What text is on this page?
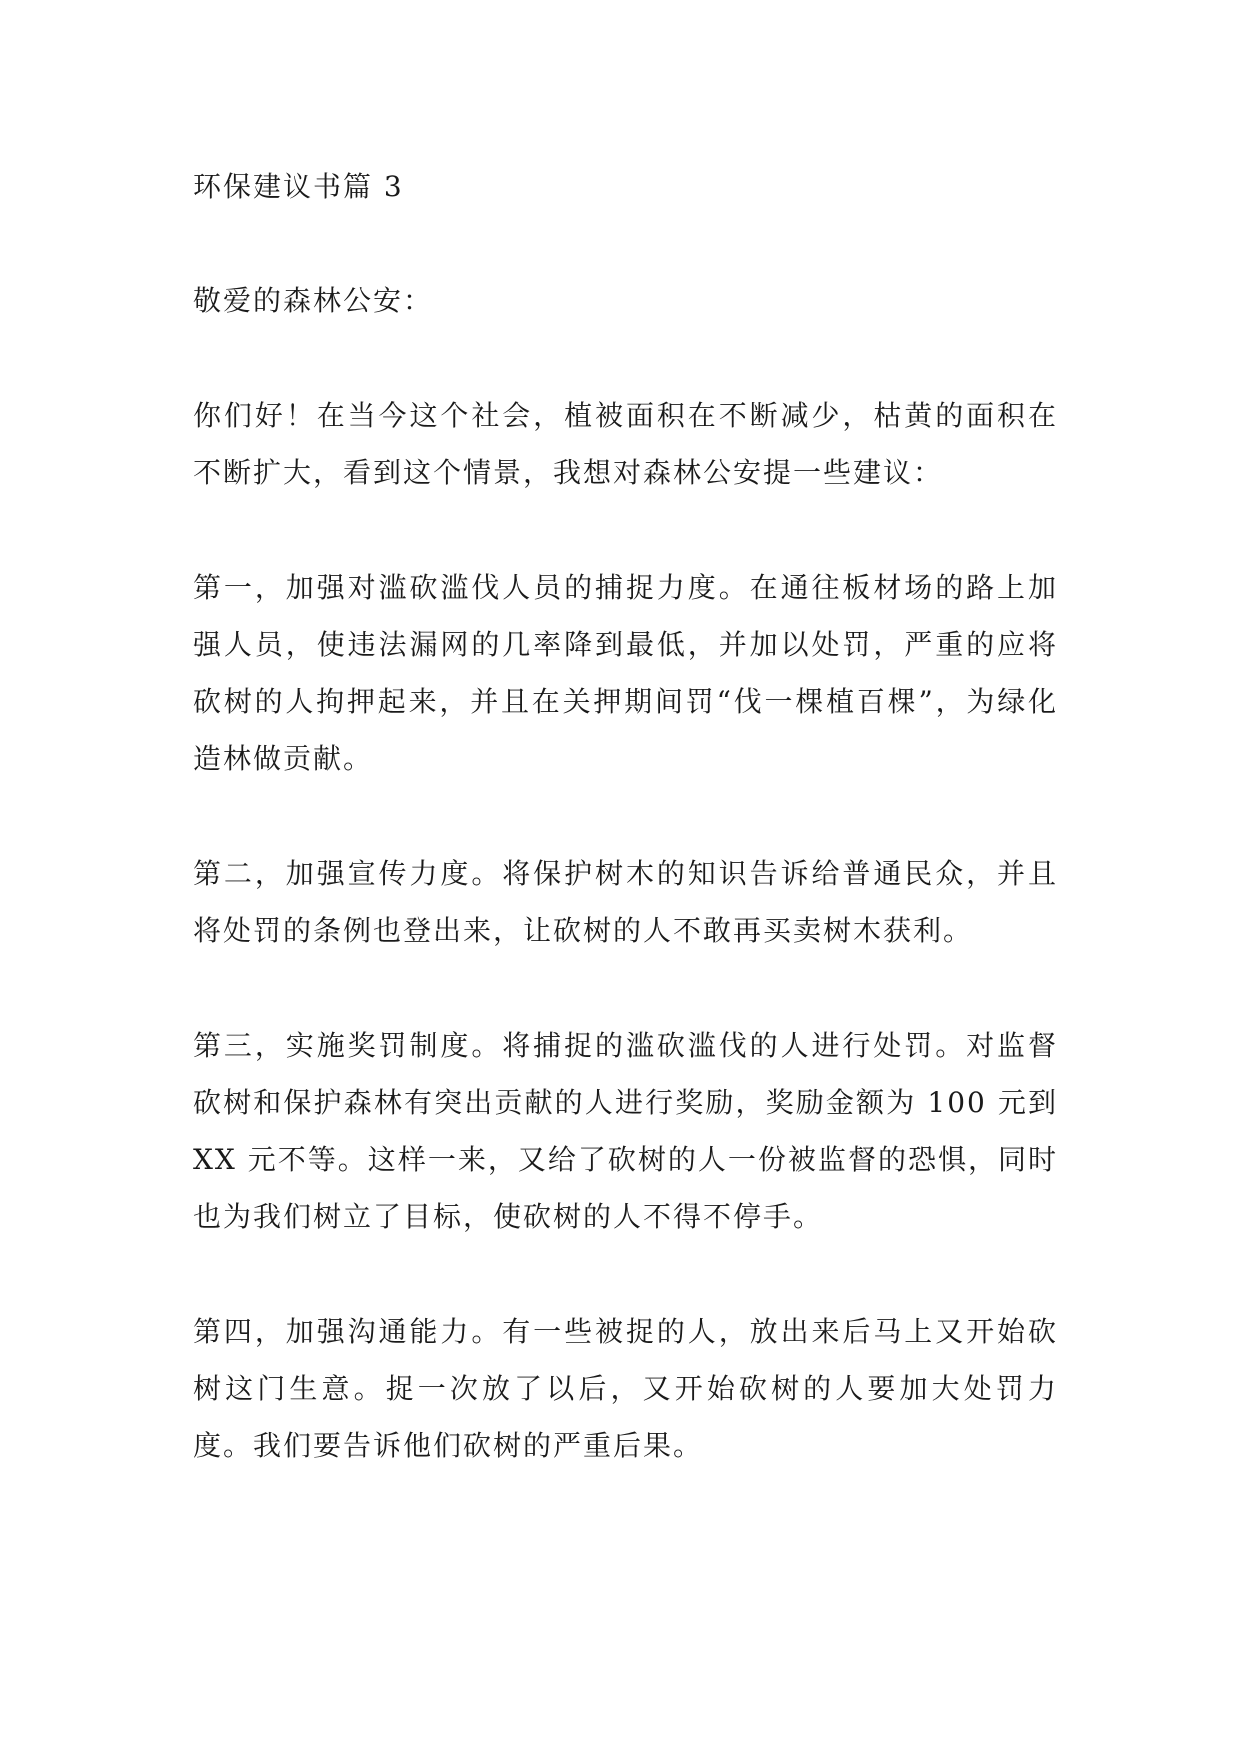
环保建议书篇 3

敬爱的森林公安：

你们好！在当今这个社会，植被面积在不断减少，枯黄的面积在不断扩大，看到这个情景，我想对森林公安提一些建议：

第一，加强对滥砍滥伐人员的捕捉力度。在通往板材场的路上加强人员，使违法漏网的几率降到最低，并加以处罚，严重的应将砍树的人拘押起来，并且在关押期间罚“伐一棵植百棵”，为绿化造林做贡献。

第二，加强宣传力度。将保护树木的知识告诉给普通民众，并且将处罚的条例也登出来，让砍树的人不敢再买卖树木获利。

第三，实施奖罚制度。将捕捉的滥砍滥伐的人进行处罚。对监督砍树和保护森林有突出贡献的人进行奖励，奖励金额为 100 元到 XX 元不等。这样一来，又给了砍树的人一份被监督的恐惧，同时也为我们树立了目标，使砍树的人不得不停手。

第四，加强沟通能力。有一些被捉的人，放出来后马上又开始砍树这门生意。捉一次放了以后，又开始砍树的人要加大处罚力度。我们要告诉他们砍树的严重后果。
